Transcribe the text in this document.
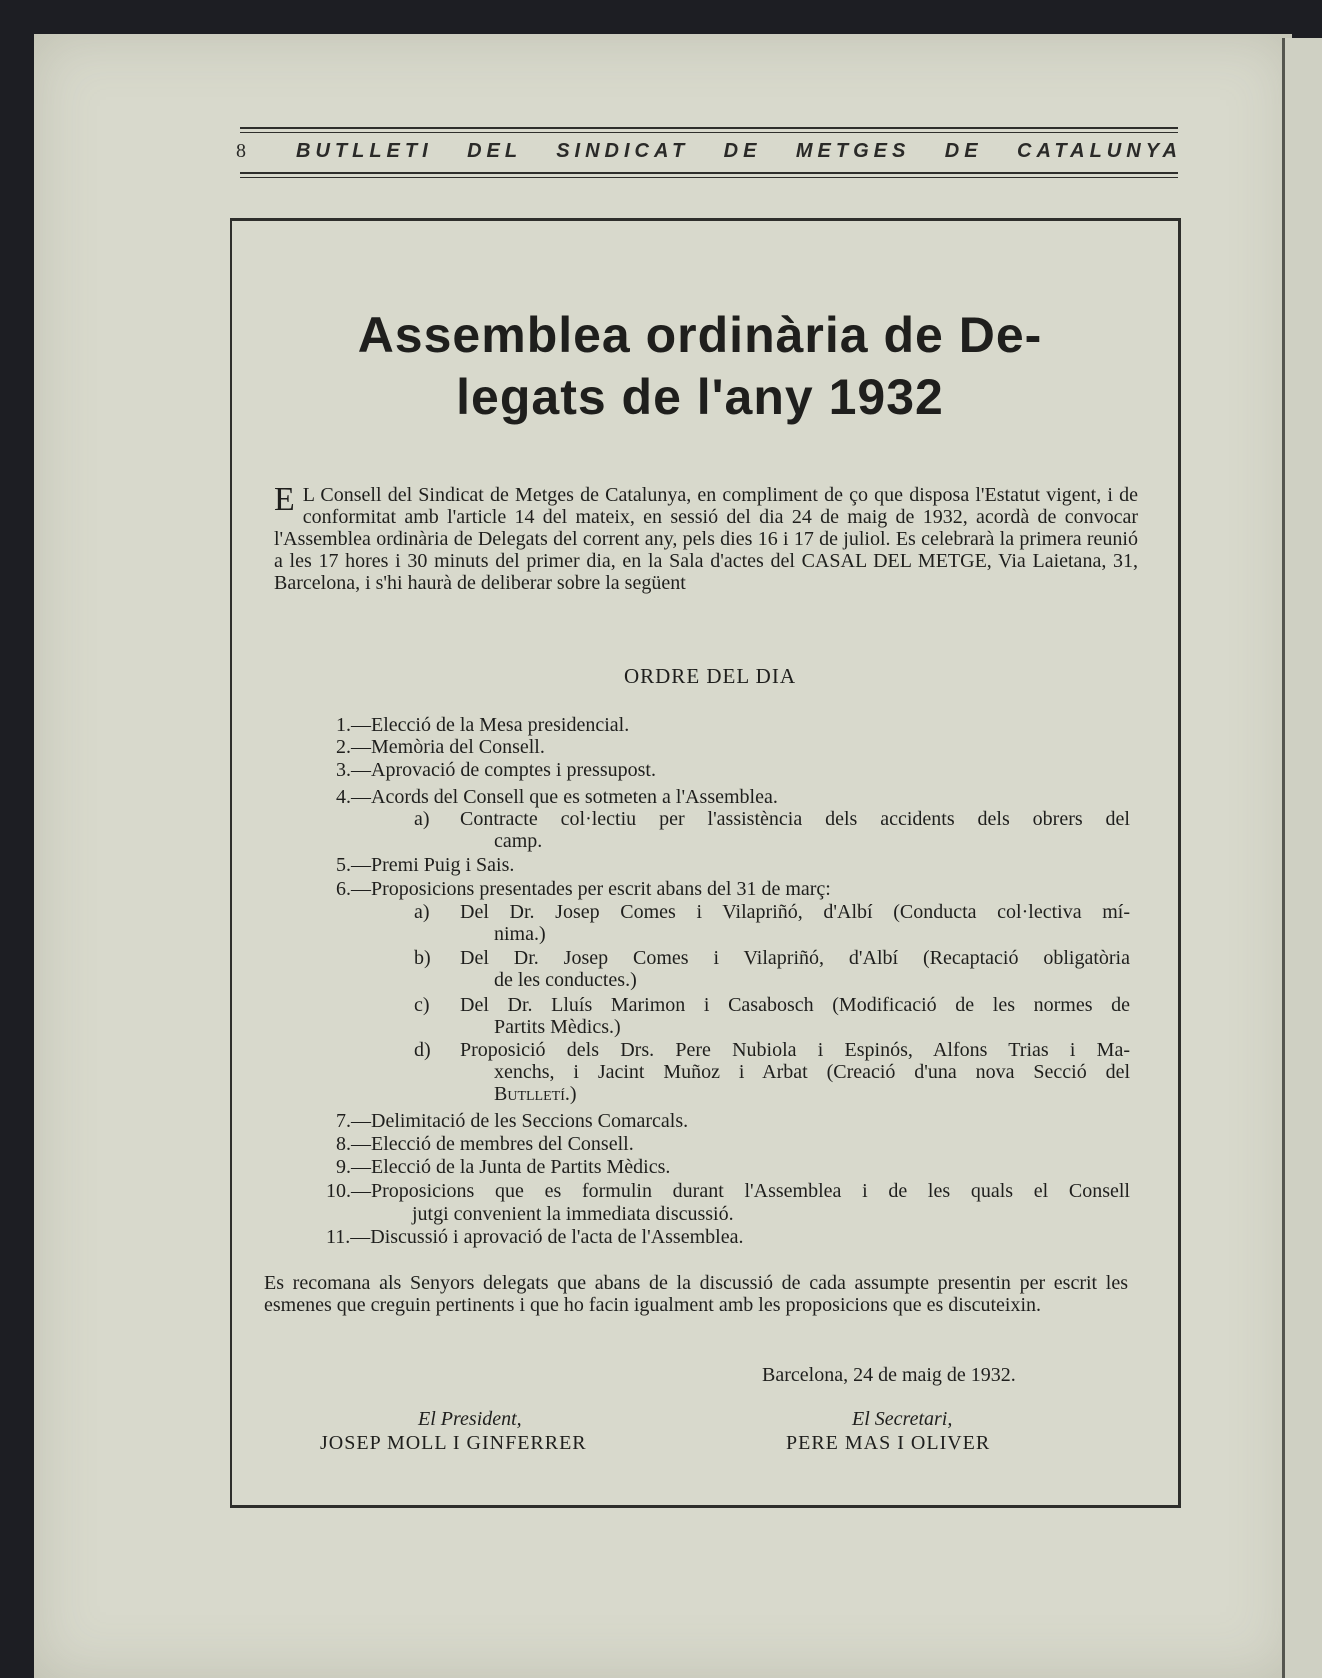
8	BUTLLETI DEL SINDICAT DE METGES DE CATALUNYA
Assemblea ordinària de De-
legats de l'any 1932
E L Consell del Sindicat de Metges de Catalunya, en compliment de ço que disposa l'Estatut vigent, i de conformitat amb l'article 14 del mateix, en sessió del dia 24 de maig de 1932, acordà de convocar l'Assemblea ordinària de Delegats del corrent any, pels dies 16 i 17 de juliol. Es celebrarà la primera reunió a les 17 hores i 30 minuts del primer dia, en la Sala d'actes del CASAL DEL METGE, Via Laietana, 31, Barcelona, i s'hi haurà de deliberar sobre la següent
ORDRE DEL DIA
1.—Elecció de la Mesa presidencial.
2.—Memòria del Consell.
3.—Aprovació de comptes i pressupost.
4.—Acords del Consell que es sotmeten a l'Assemblea.
a) Contracte col·lectiu per l'assistència dels accidents dels obrers del
camp.
5.—Premi Puig i Sais.
6.—Proposicions presentades per escrit abans del 31 de març:
a) Del Dr. Josep Comes i Vilapriñó, d'Albí (Conducta col·lectiva mí-
nima.)
b) Del Dr. Josep Comes i Vilapriñó, d'Albí (Recaptació obligatòria
de les conductes.)
c) Del Dr. Lluís Marimon i Casabosch (Modificació de les normes de
Partits Mèdics.)
d) Proposició dels Drs. Pere Nubiola i Espinós, Alfons Trias i Ma-
xenchs, i Jacint Muñoz i Arbat (Creació d'una nova Secció del
Butlletí.)
7.—Delimitació de les Seccions Comarcals.
8.—Elecció de membres del Consell.
9.—Elecció de la Junta de Partits Mèdics.
10.—Proposicions que es formulin durant l'Assemblea i de les quals el Consell
jutgi convenient la immediata discussió.
11.—Discussió i aprovació de l'acta de l'Assemblea.
Es recomana als Senyors delegats que abans de la discussió de cada assumpte presentin per escrit les esmenes que creguin pertinents i que ho facin igualment amb les proposicions que es discuteixin.
Barcelona, 24 de maig de 1932.
El President,
JOSEP MOLL I GINFERRER
El Secretari,
PERE MAS I OLIVER
